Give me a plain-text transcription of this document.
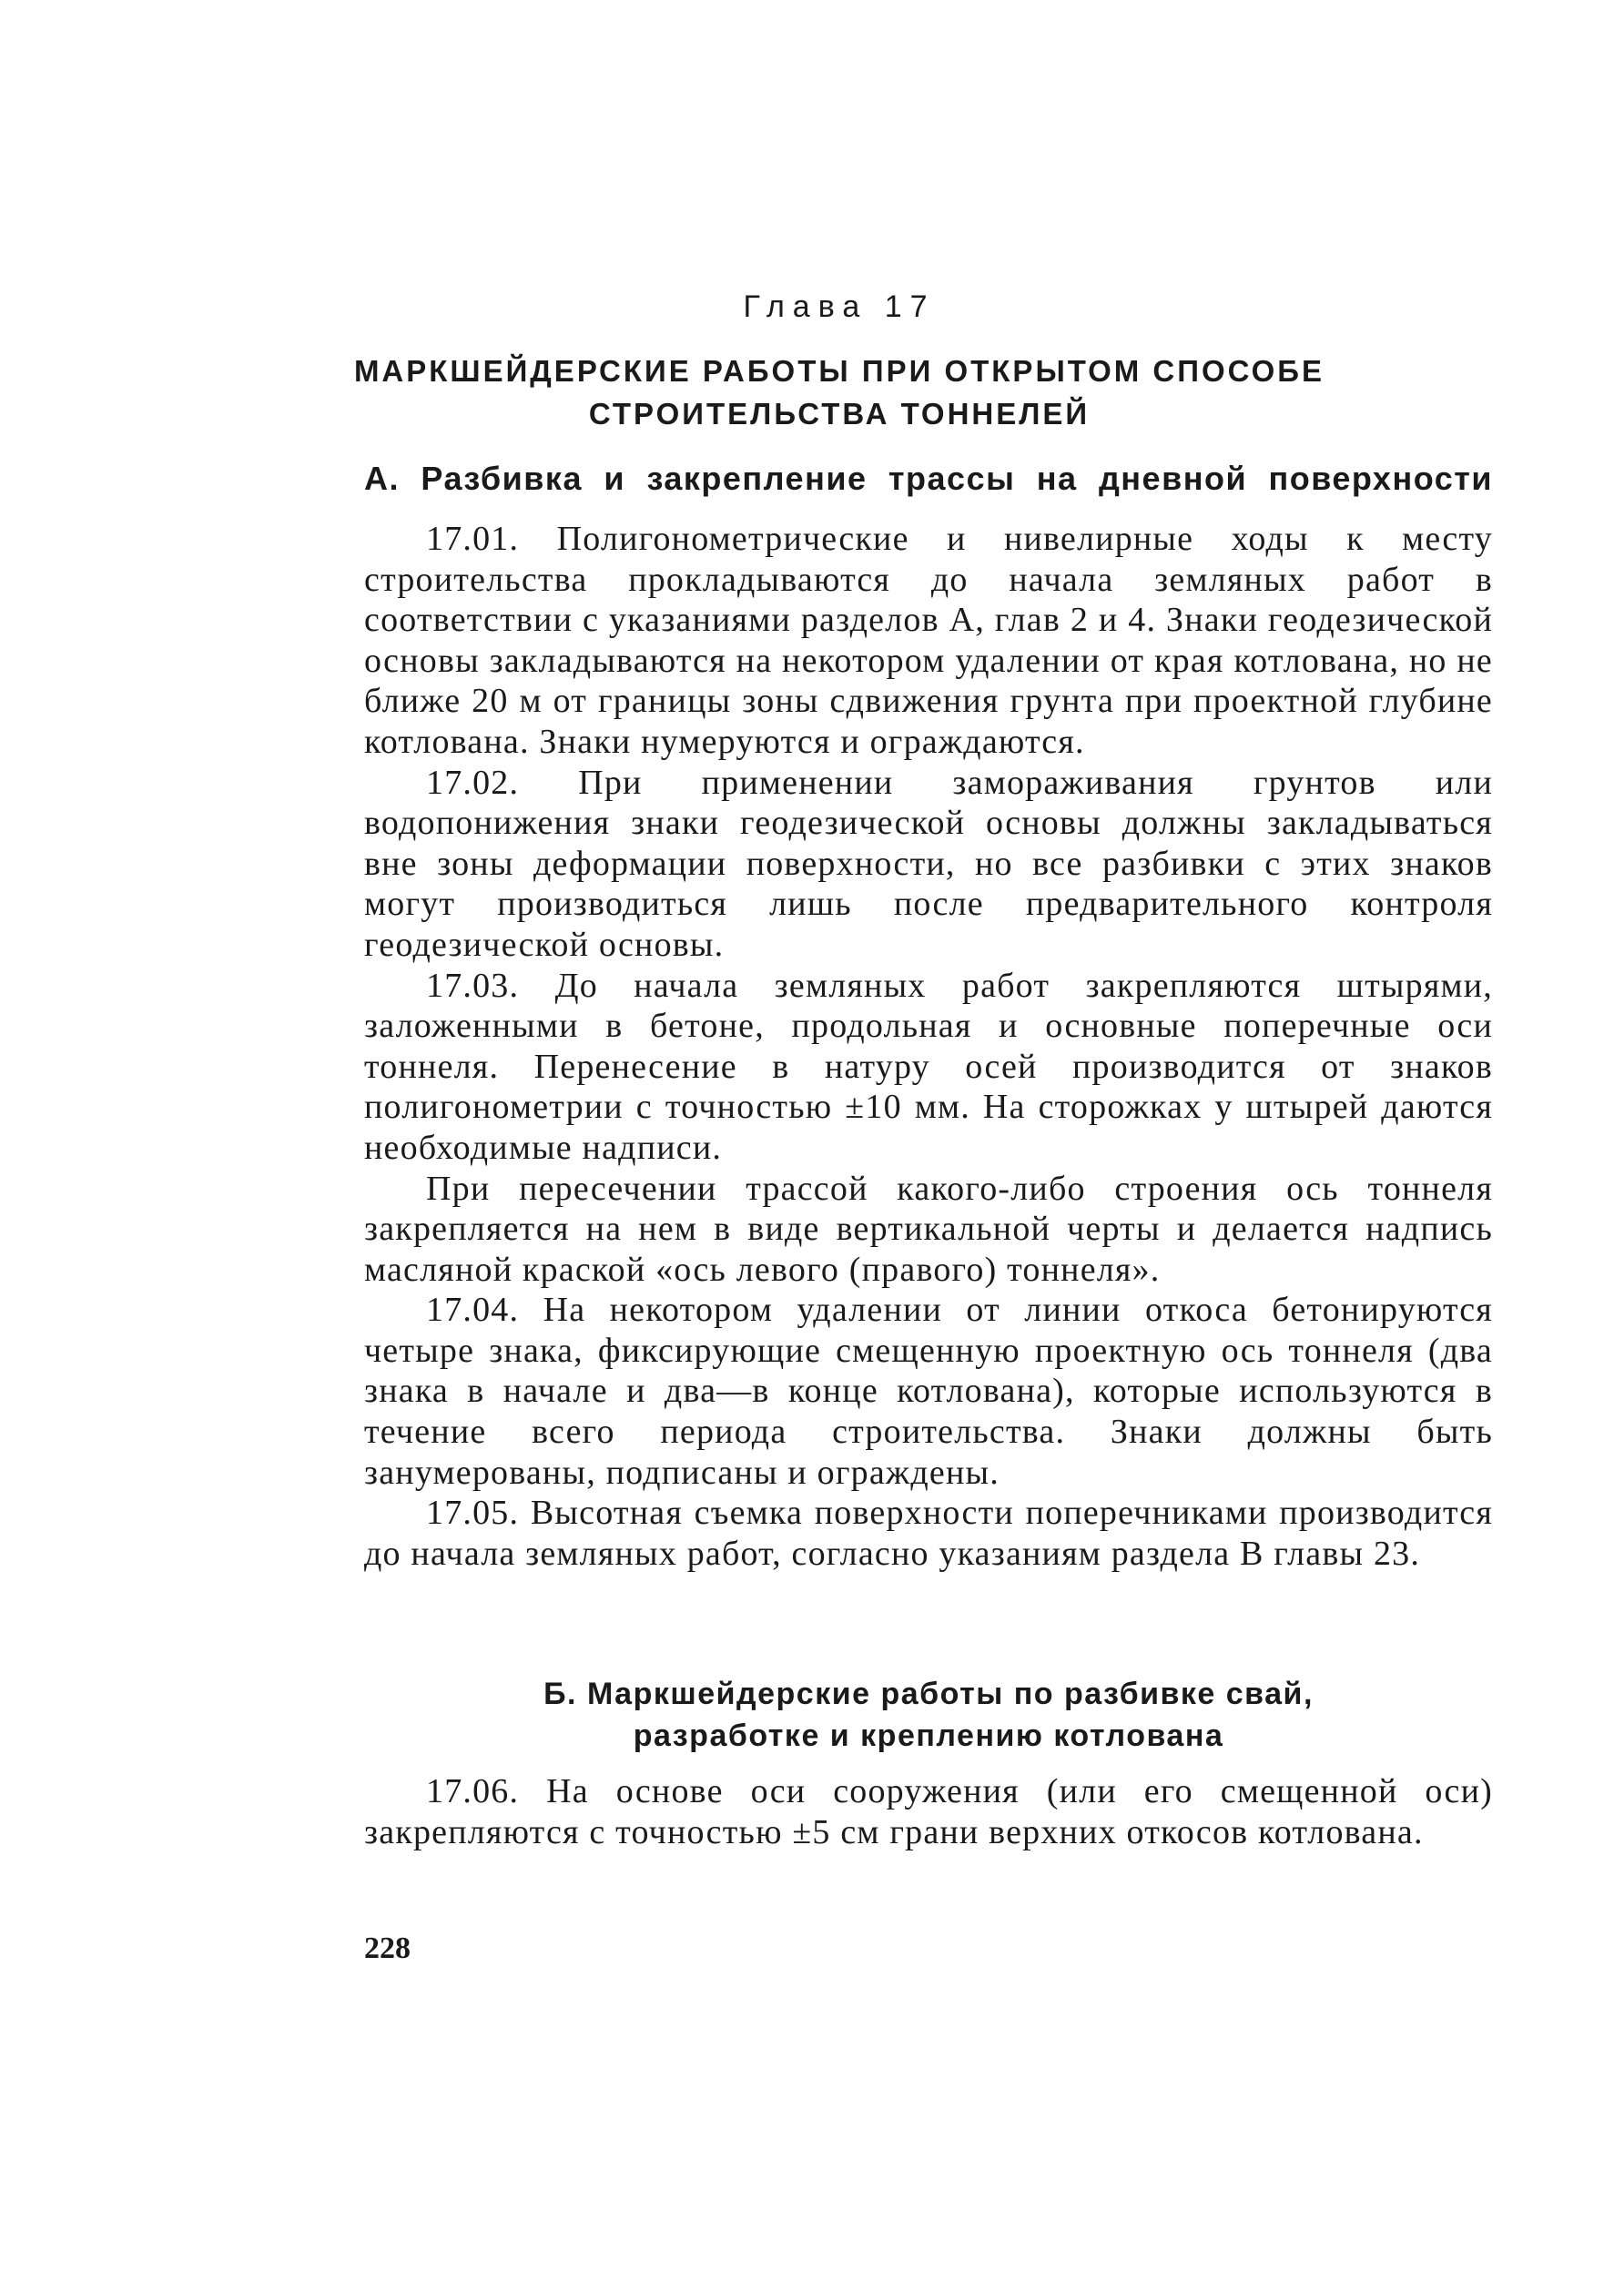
Глава 17
МАРКШЕЙДЕРСКИЕ РАБОТЫ ПРИ ОТКРЫТОМ СПОСОБЕ
СТРОИТЕЛЬСТВА ТОННЕЛЕЙ
А. Разбивка и закрепление трассы на дневной поверхности

17.01. Полигонометрические и нивелирные ходы к месту строительства прокладываются до начала земляных работ в соответствии с указаниями разделов А, глав 2 и 4. Знаки геодезической основы закладываются на некотором удалении от края котлована, но не ближе 20 м от границы зоны сдвижения грунта при проектной глубине котлована. Знаки нумеруются и ограждаются.

17.02. При применении замораживания грунтов или водопонижения знаки геодезической основы должны закладываться вне зоны деформации поверхности, но все разбивки с этих знаков могут производиться лишь после предварительного контроля геодезической основы.

17.03. До начала земляных работ закрепляются штырями, заложенными в бетоне, продольная и основные поперечные оси тоннеля. Перенесение в натуру осей производится от знаков полигонометрии с точностью ±10 мм. На сторожках у штырей даются необходимые надписи.

При пересечении трассой какого-либо строения ось тоннеля закрепляется на нем в виде вертикальной черты и делается надпись масляной краской «ось левого (правого) тоннеля».

17.04. На некотором удалении от линии откоса бетонируются четыре знака, фиксирующие смещенную проектную ось тоннеля (два знака в начале и два—в конце котлована), которые используются в течение всего периода строительства. Знаки должны быть занумерованы, подписаны и ограждены.

17.05. Высотная съемка поверхности поперечниками производится до начала земляных работ, согласно указаниям раздела В главы 23.

Б. Маркшейдерские работы по разбивке свай,
разработке и креплению котлована

17.06. На основе оси сооружения (или его смещенной оси) закрепляются с точностью ±5 см грани верхних откосов котлована.

228
